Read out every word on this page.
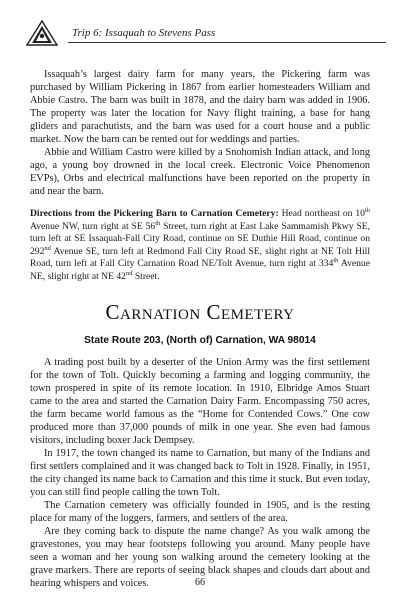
Trip 6: Issaquah to Stevens Pass

Issaquah’s largest dairy farm for many years, the Pickering farm was purchased by William Pickering in 1867 from earlier homesteaders William and Abbie Castro. The barn was built in 1878, and the dairy barn was added in 1906. The property was later the location for Navy flight training, a base for hang gliders and parachutists, and the barn was used for a court house and a public market. Now the barn can be rented out for weddings and parties.

Abbie and William Castro were killed by a Snohomish Indian attack, and long ago, a young boy drowned in the local creek. Electronic Voice Phenomenon EVPs), Orbs and electrical malfunctions have been reported on the property in and near the barn.

Directions from the Pickering Barn to Carnation Cemetery: Head northeast on 10th Avenue NW, turn right at SE 56th Street, turn right at East Lake Sammamish Pkwy SE, turn left at SE Issaquah-Fall City Road, continue on SE Duthie Hill Road, continue on 292nd Avenue SE, turn left at Redmond Fall City Road SE, slight right at NE Tolt Hill Road, turn left at Fall City Carnation Road NE/Tolt Avenue, turn right at 334th Avenue NE, slight right at NE 42nd Street.

Carnation Cemetery
State Route 203, (North of) Carnation, WA 98014

A trading post built by a deserter of the Union Army was the first settlement for the town of Tolt. Quickly becoming a farming and logging community, the town prospered in spite of its remote location. In 1910, Elbridge Amos Stuart came to the area and started the Carnation Dairy Farm. Encompassing 750 acres, the farm became world famous as the “Home for Contended Cows.” One cow produced more than 37,000 pounds of milk in one year. She even had famous visitors, including boxer Jack Dempsey.

In 1917, the town changed its name to Carnation, but many of the Indians and first settlers complained and it was changed back to Tolt in 1928. Finally, in 1951, the city changed its name back to Carnation and this time it stuck. But even today, you can still find people calling the town Tolt.

The Carnation cemetery was officially founded in 1905, and is the resting place for many of the loggers, farmers, and settlers of the area.

Are they coming back to dispute the name change? As you walk among the gravestones, you may hear footsteps following you around. Many people have seen a woman and her young son walking around the cemetery looking at the grave markers. There are reports of seeing black shapes and clouds dart about and hearing whispers and voices.	66
